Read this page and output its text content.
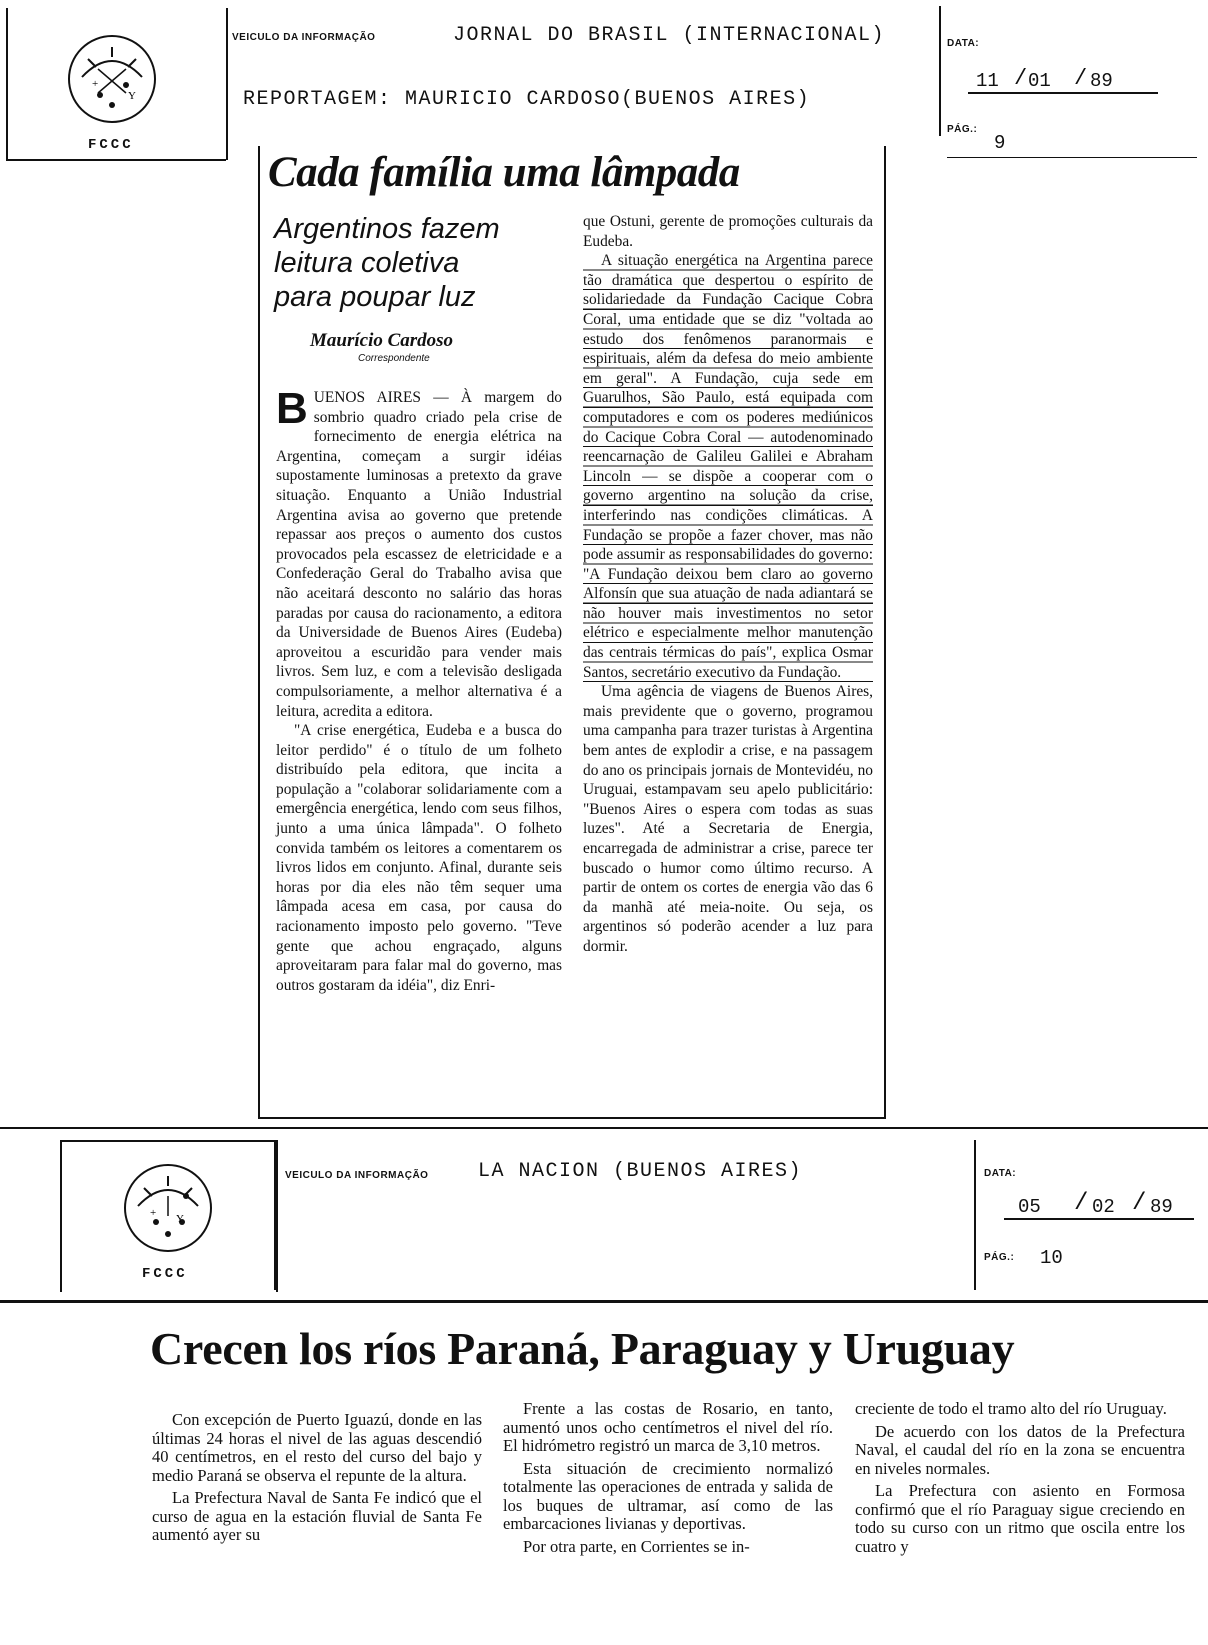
Y
+
FCCC
VEICULO DA INFORMAÇÃO	JORNAL DO BRASIL (INTERNACIONAL)
REPORTAGEM: MAURICIO CARDOSO(BUENOS AIRES)
DATA:
11 / 01 / 89
PÁG.:
9
Cada família uma lâmpada
Argentinos fazem
leitura coletiva
para poupar luz
Maurício Cardoso
Correspondente

BUENOS AIRES — À margem do sombrio quadro criado pela crise de fornecimento de energia elétrica na Argentina, começam a surgir idéias supostamente luminosas a pretexto da grave situação. Enquanto a União Industrial Argentina avisa ao governo que pretende repassar aos preços o aumento dos custos provocados pela escassez de eletricidade e a Confederação Geral do Trabalho avisa que não aceitará desconto no salário das horas paradas por causa do racionamento, a editora da Universidade de Buenos Aires (Eudeba) aproveitou a escuridão para vender mais livros. Sem luz, e com a televisão desligada compulsoriamente, a melhor alternativa é a leitura, acredita a editora.

"A crise energética, Eudeba e a busca do leitor perdido" é o título de um folheto distribuído pela editora, que incita a população a "colaborar solidariamente com a emergência energética, lendo com seus filhos, junto a uma única lâmpada". O folheto convida também os leitores a comentarem os livros lidos em conjunto. Afinal, durante seis horas por dia eles não têm sequer uma lâmpada acesa em casa, por causa do racionamento imposto pelo governo. "Teve gente que achou engraçado, alguns aproveitaram para falar mal do governo, mas outros gostaram da idéia", diz Enri-

que Ostuni, gerente de promoções culturais da Eudeba.

A situação energética na Argentina parece tão dramática que despertou o espírito de solidariedade da Fundação Cacique Cobra Coral, uma entidade que se diz "voltada ao estudo dos fenômenos paranormais e espirituais, além da defesa do meio ambiente em geral". A Fundação, cuja sede em Guarulhos, São Paulo, está equipada com computadores e com os poderes mediúnicos do Cacique Cobra Coral — autodenominado reencarnação de Galileu Galilei e Abraham Lincoln — se dispõe a cooperar com o governo argentino na solução da crise, interferindo nas condições climáticas. A Fundação se propõe a fazer chover, mas não pode assumir as responsabilidades do governo: "A Fundação deixou bem claro ao governo Alfonsín que sua atuação de nada adiantará se não houver mais investimentos no setor elétrico e especialmente melhor manutenção das centrais térmicas do país", explica Osmar Santos, secretário executivo da Fundação.

Uma agência de viagens de Buenos Aires, mais previdente que o governo, programou uma campanha para trazer turistas à Argentina bem antes de explodir a crise, e na passagem do ano os principais jornais de Montevidéu, no Uruguai, estampavam seu apelo publicitário: "Buenos Aires o espera com todas as suas luzes". Até a Secretaria de Energia, encarregada de administrar a crise, parece ter buscado o humor como último recurso. A partir de ontem os cortes de energia vão das 6 da manhã até meia-noite. Ou seja, os argentinos só poderão acender a luz para dormir.

Y
+
FCCC
VEICULO DA INFORMAÇÃO LA NACION (BUENOS AIRES)	DATA:
05 / 02 / 89
PÁG.: 10
Crecen los ríos Paraná, Paraguay y Uruguay

Con excepción de Puerto Iguazú, donde en las últimas 24 horas el nivel de las aguas descendió 40 centímetros, en el resto del curso del bajo y medio Paraná se observa el repunte de la altura.

La Prefectura Naval de Santa Fe indicó que el curso de agua en la estación fluvial de Santa Fe aumentó ayer su

Frente a las costas de Rosario, en tanto, aumentó unos ocho centímetros el nivel del río. El hidrómetro registró un marca de 3,10 metros.

Esta situación de crecimiento normalizó totalmente las operaciones de entrada y salida de los buques de ultramar, así como de las embarcaciones livianas y deportivas.

Por otra parte, en Corrientes se in-

creciente de todo el tramo alto del río Uruguay.

De acuerdo con los datos de la Prefectura Naval, el caudal del río en la zona se encuentra en niveles normales.

La Prefectura con asiento en Formosa confirmó que el río Paraguay sigue creciendo en todo su curso con un ritmo que oscila entre los cuatro y
